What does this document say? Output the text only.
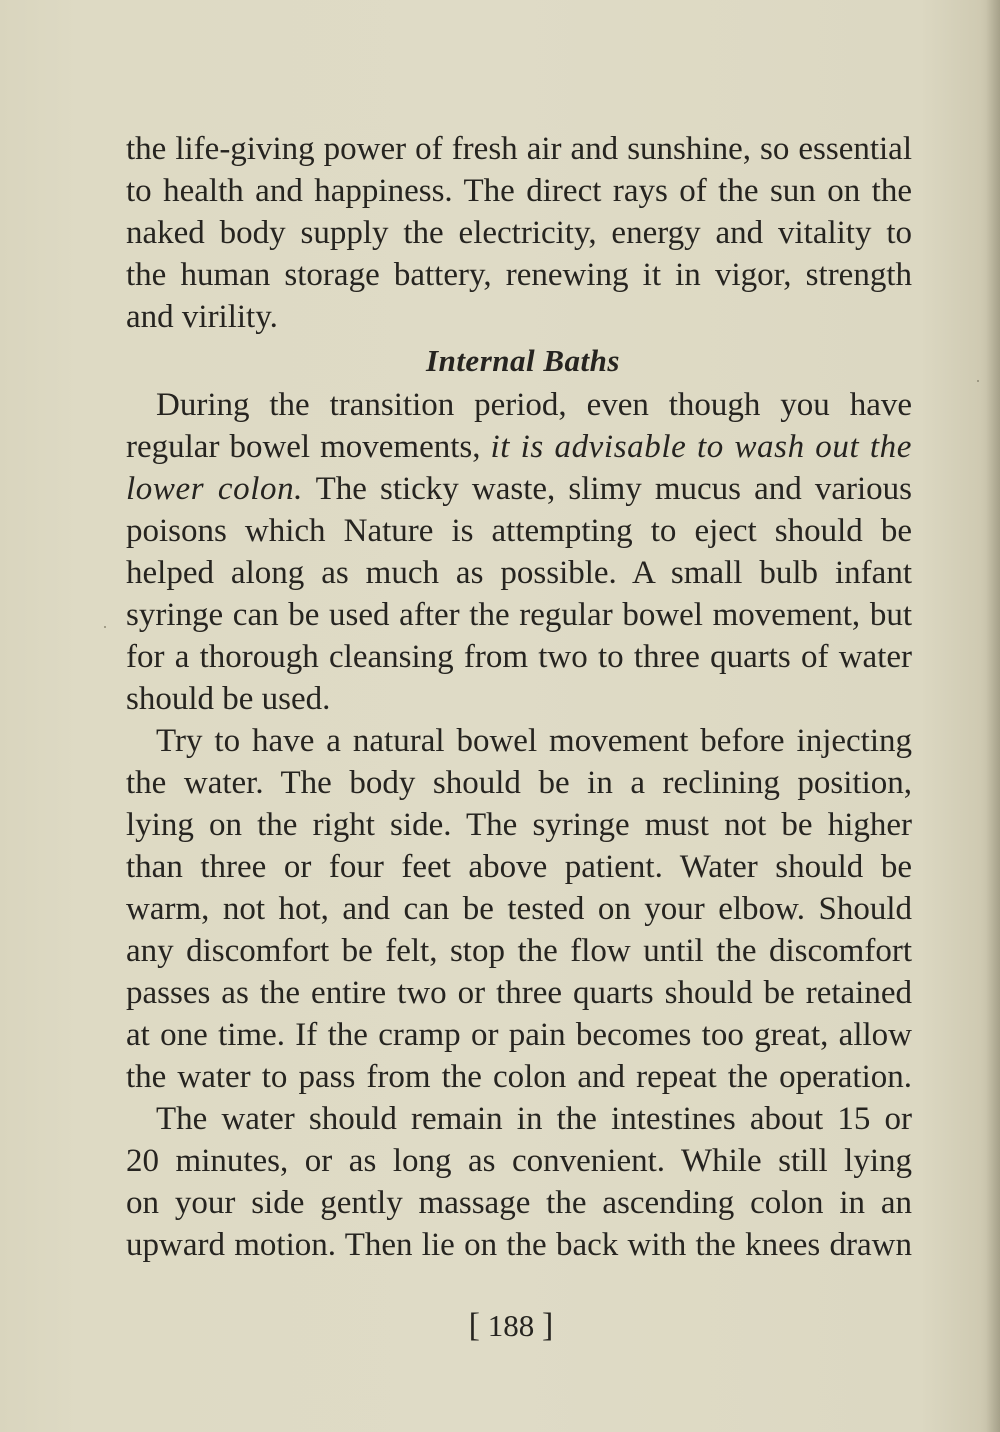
the life-giving power of fresh air and sunshine, so essential
to health and happiness. The direct rays of the sun on the
naked body supply the electricity, energy and vitality to
the human storage battery, renewing it in vigor, strength
and virility.
Internal Baths
During the transition period, even though you have
regular bowel movements, it is advisable to wash out the
lower colon. The sticky waste, slimy mucus and various
poisons which Nature is attempting to eject should be
helped along as much as possible. A small bulb infant
syringe can be used after the regular bowel movement, but
for a thorough cleansing from two to three quarts of water
should be used.
Try to have a natural bowel movement before injecting
the water. The body should be in a reclining position,
lying on the right side. The syringe must not be higher
than three or four feet above patient. Water should be
warm, not hot, and can be tested on your elbow. Should
any discomfort be felt, stop the flow until the discomfort
passes as the entire two or three quarts should be retained
at one time. If the cramp or pain becomes too great, allow
the water to pass from the colon and repeat the operation.
The water should remain in the intestines about 15 or
20 minutes, or as long as convenient. While still lying
on your side gently massage the ascending colon in an
upward motion. Then lie on the back with the knees drawn
[ 188 ]
